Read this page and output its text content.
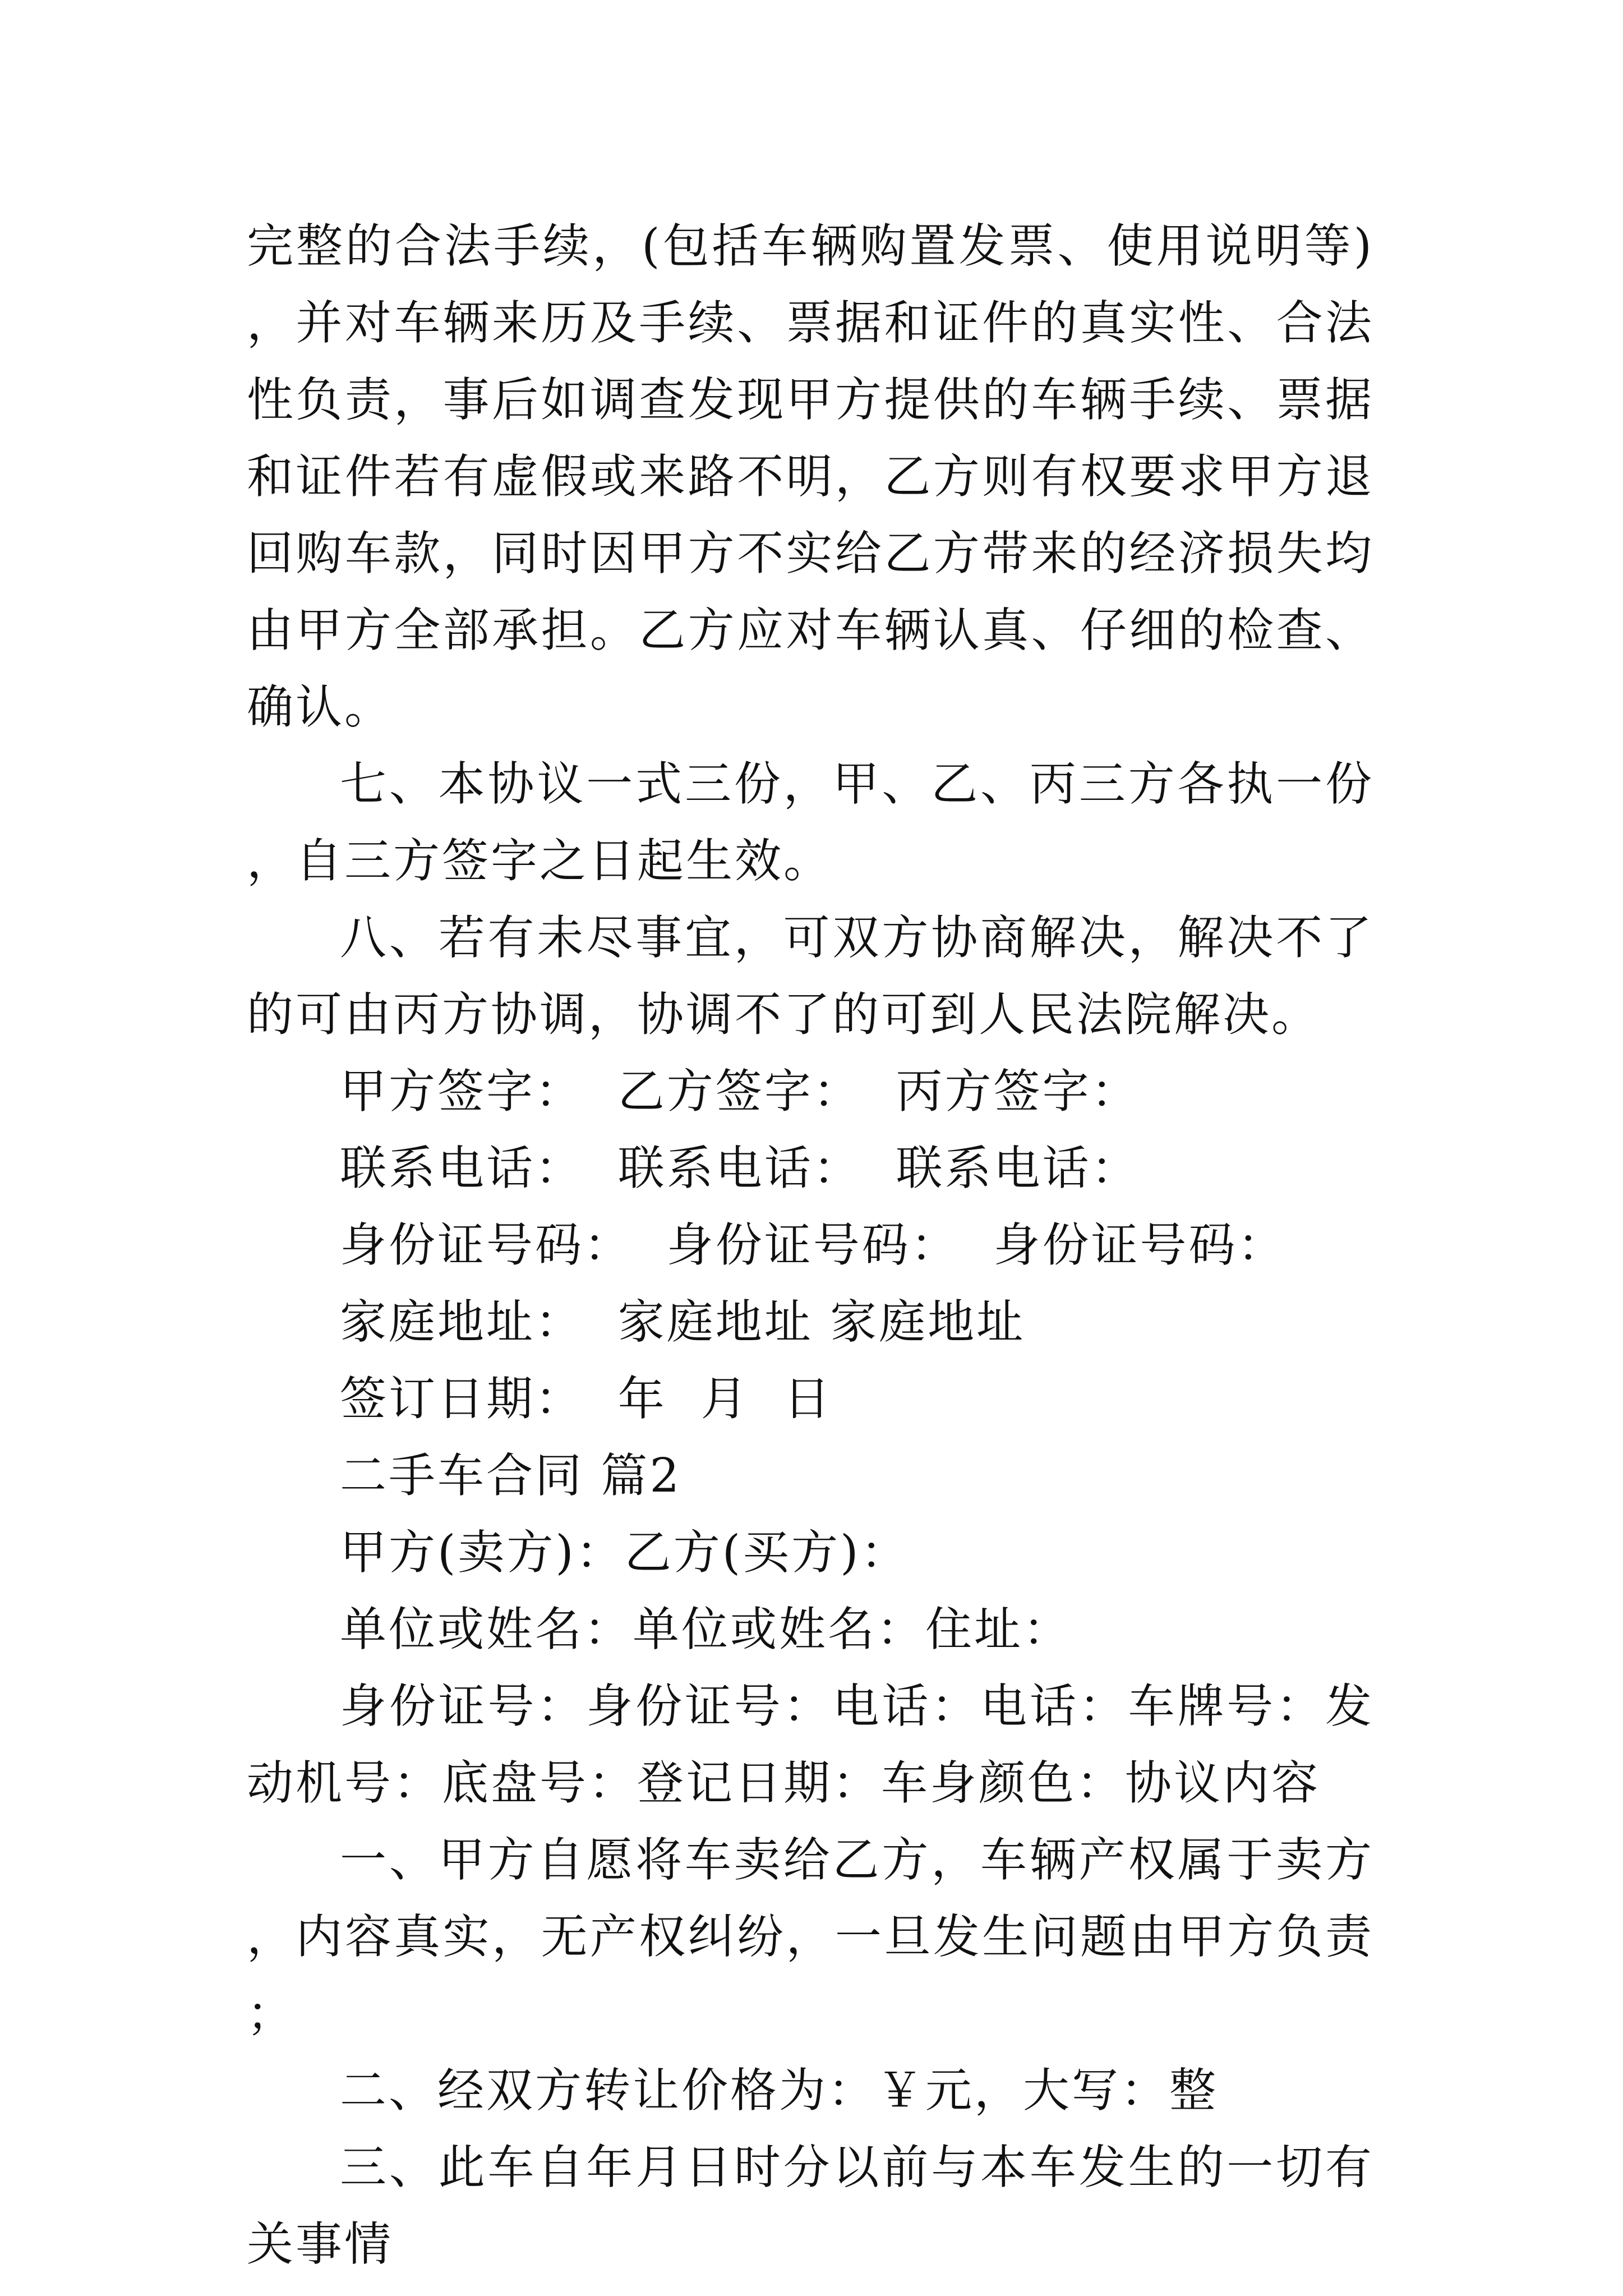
完整的合法手续，(包括车辆购置发票、使用说明等)，并对车辆来历及手续、票据和证件的真实性、合法性负责，事后如调查发现甲方提供的车辆手续、票据和证件若有虚假或来路不明，乙方则有权要求甲方退回购车款，同时因甲方不实给乙方带来的经济损失均由甲方全部承担。乙方应对车辆认真、仔细的检查、确认。

七、本协议一式三份，甲、乙、丙三方各执一份，自三方签字之日起生效。

八、若有未尽事宜，可双方协商解决，解决不了的可由丙方协调，协调不了的可到人民法院解决。

甲方签字：  乙方签字：  丙方签字：

联系电话：  联系电话：  联系电话：

身份证号码：  身份证号码：  身份证号码：

家庭地址：  家庭地址 家庭地址

签订日期：  年  月  日

二手车合同 篇2

甲方(卖方)：乙方(买方)：

单位或姓名：单位或姓名：住址：

身份证号：身份证号：电话：电话：车牌号：发动机号：底盘号：登记日期：车身颜色：协议内容

一、甲方自愿将车卖给乙方，车辆产权属于卖方，内容真实，无产权纠纷，一旦发生问题由甲方负责；

二、经双方转让价格为：￥元，大写：整

三、此车自年月日时分以前与本车发生的一切有关事情
